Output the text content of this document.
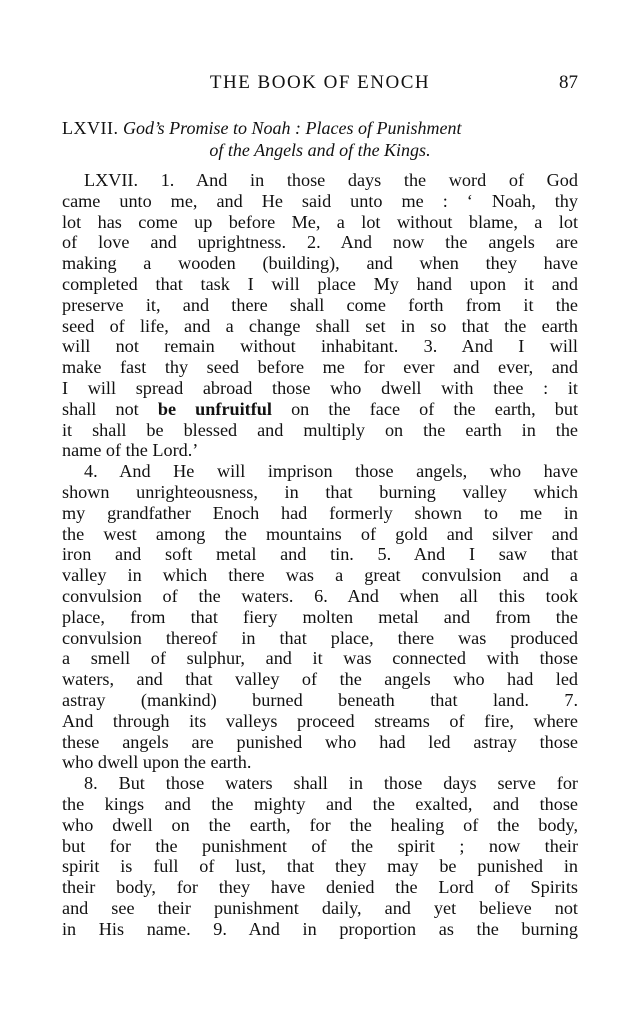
THE BOOK OF ENOCH	87
LXVII. God’s Promise to Noah : Places of Punishment
of the Angels and of the Kings.
LXVII. 1. And in those days the word of God
came unto me, and He said unto me : ‘ Noah, thy
lot has come up before Me, a lot without blame, a lot
of love and uprightness. 2. And now the angels are
making a wooden (building), and when they have
completed that task I will place My hand upon it and
preserve it, and there shall come forth from it the
seed of life, and a change shall set in so that the earth
will not remain without inhabitant. 3. And I will
make fast thy seed before me for ever and ever, and
I will spread abroad those who dwell with thee : it
shall not be unfruitful on the face of the earth, but
it shall be blessed and multiply on the earth in the
name of the Lord.’
4. And He will imprison those angels, who have
shown unrighteousness, in that burning valley which
my grandfather Enoch had formerly shown to me in
the west among the mountains of gold and silver and
iron and soft metal and tin. 5. And I saw that
valley in which there was a great convulsion and a
convulsion of the waters. 6. And when all this took
place, from that fiery molten metal and from the
convulsion thereof in that place, there was produced
a smell of sulphur, and it was connected with those
waters, and that valley of the angels who had led
astray (mankind) burned beneath that land. 7.
And through its valleys proceed streams of fire, where
these angels are punished who had led astray those
who dwell upon the earth.
8. But those waters shall in those days serve for
the kings and the mighty and the exalted, and those
who dwell on the earth, for the healing of the body,
but for the punishment of the spirit ; now their
spirit is full of lust, that they may be punished in
their body, for they have denied the Lord of Spirits
and see their punishment daily, and yet believe not
in His name. 9. And in proportion as the burning
